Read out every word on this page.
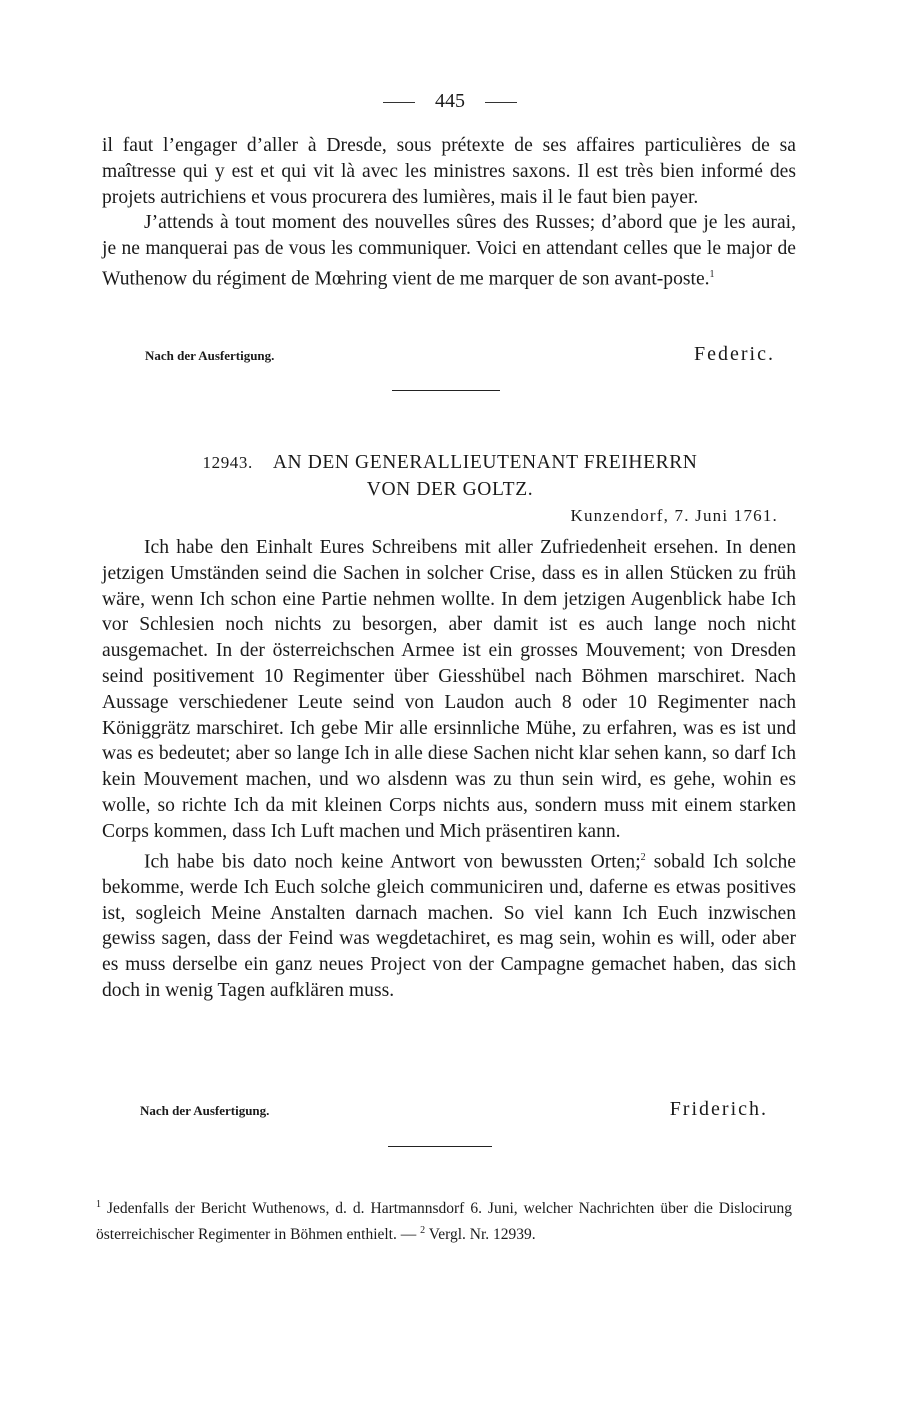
445

il faut l’engager d’aller à Dresde, sous prétexte de ses affaires particulières de sa maîtresse qui y est et qui vit là avec les ministres saxons. Il est très bien informé des projets autrichiens et vous procurera des lumières, mais il le faut bien payer.

J’attends à tout moment des nouvelles sûres des Russes; d’abord que je les aurai, je ne manquerai pas de vous les communiquer. Voici en attendant celles que le major de Wuthenow du régiment de Mœhring vient de me marquer de son avant-poste.$^1$

Nach der Ausfertigung.	Federic.
12943. AN DEN GENERALLIEUTENANT FREIHERRN
VON DER GOLTZ.
Kunzendorf, 7. Juni 1761.

Ich habe den Einhalt Eures Schreibens mit aller Zufriedenheit ersehen. In denen jetzigen Umständen seind die Sachen in solcher Crise, dass es in allen Stücken zu früh wäre, wenn Ich schon eine Partie nehmen wollte. In dem jetzigen Augenblick habe Ich vor Schlesien noch nichts zu besorgen, aber damit ist es auch lange noch nicht ausgemachet. In der österreichschen Armee ist ein grosses Mouvement; von Dresden seind positivement 10 Regimenter über Giesshübel nach Böhmen marschiret. Nach Aussage verschiedener Leute seind von Laudon auch 8 oder 10 Regimenter nach Königgrätz marschiret. Ich gebe Mir alle ersinnliche Mühe, zu erfahren, was es ist und was es bedeutet; aber so lange Ich in alle diese Sachen nicht klar sehen kann, so darf Ich kein Mouvement machen, und wo alsdenn was zu thun sein wird, es gehe, wohin es wolle, so richte Ich da mit kleinen Corps nichts aus, sondern muss mit einem starken Corps kommen, dass Ich Luft machen und Mich präsentiren kann.

Ich habe bis dato noch keine Antwort von bewussten Orten;$^2$ sobald Ich solche bekomme, werde Ich Euch solche gleich communiciren und, daferne es etwas positives ist, sogleich Meine Anstalten darnach machen. So viel kann Ich Euch inzwischen gewiss sagen, dass der Feind was wegdetachiret, es mag sein, wohin es will, oder aber es muss derselbe ein ganz neues Project von der Campagne gemachet haben, das sich doch in wenig Tagen aufklären muss.

Nach der Ausfertigung.	Friderich.

$^1$ Jedenfalls der Bericht Wuthenows, d. d. Hartmannsdorf 6. Juni, welcher Nachrichten über die Dislocirung österreichischer Regimenter in Böhmen enthielt. — $^2$ Vergl. Nr. 12939.
